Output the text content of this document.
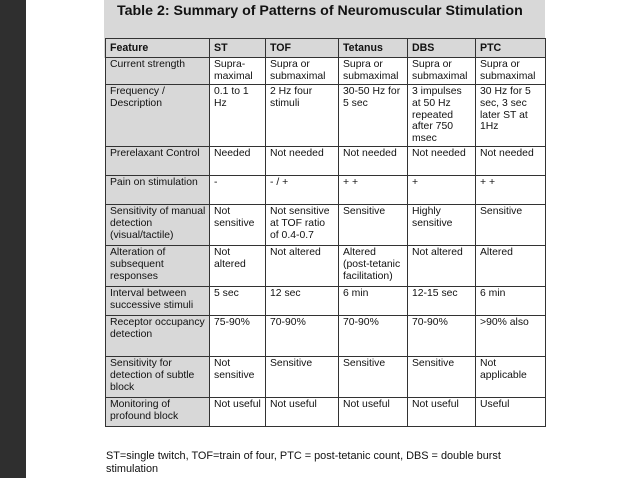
Table 2: Summary of Patterns of Neuromuscular Stimulation
Feature	ST	TOF	Tetanus	DBS	PTC
Current strength	Supra-maximal	Supra or submaximal	Supra or submaximal	Supra or submaximal	Supra or submaximal
Frequency / Description	0.1 to 1 Hz	2 Hz four stimuli	30-50 Hz for 5 sec	3 impulses at 50 Hz repeated after 750 msec	30 Hz for 5 sec, 3 sec later ST at 1Hz
Prerelaxant Control	Needed	Not needed	Not needed	Not needed	Not needed
Pain on stimulation	-	- / +	+ +	+	+ +
Sensitivity of manual detection (visual/tactile)	Not sensitive	Not sensitive at TOF ratio of 0.4-0.7	Sensitive	Highly sensitive	Sensitive
Alteration of subsequent responses	Not altered	Not altered	Altered (post-tetanic facilitation)	Not altered	Altered
Interval between successive stimuli	5 sec	12 sec	6 min	12-15 sec	6 min
Receptor occupancy detection	75-90%	70-90%	70-90%	70-90%	>90% also
Sensitivity for detection of subtle block	Not sensitive	Sensitive	Sensitive	Sensitive	Not applicable
Monitoring of profound block	Not useful	Not useful	Not useful	Not useful	Useful
ST=single twitch, TOF=train of four, PTC = post-tetanic count, DBS = double burst stimulation
